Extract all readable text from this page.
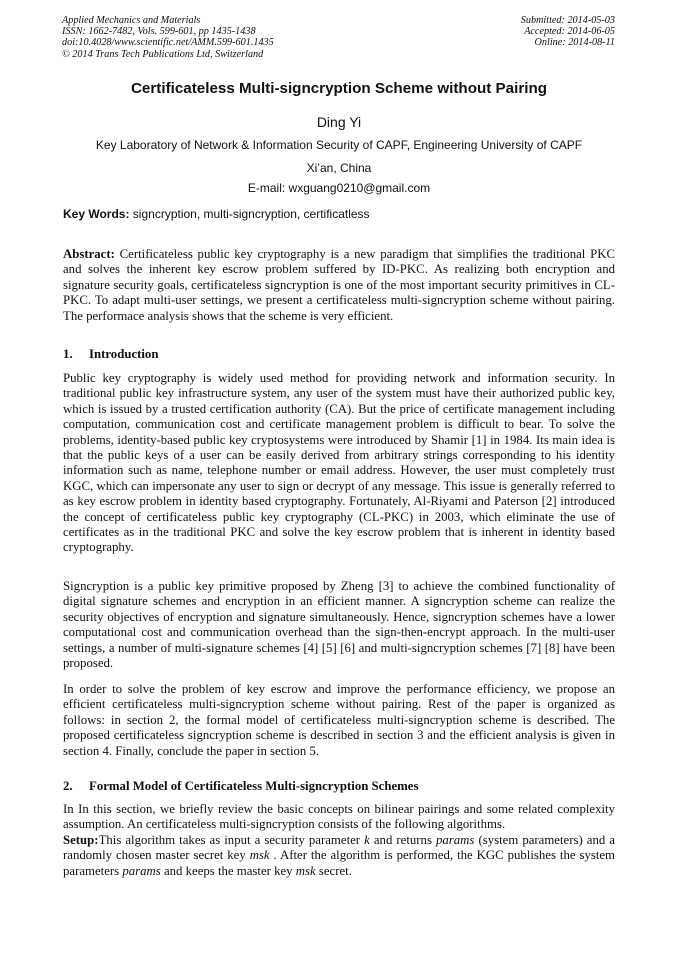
Applied Mechanics and Materials
ISSN: 1662-7482, Vols. 599-601, pp 1435-1438
doi:10.4028/www.scientific.net/AMM.599-601.1435
© 2014 Trans Tech Publications Ltd, Switzerland
Submitted: 2014-05-03
Accepted: 2014-06-05
Online: 2014-08-11
Certificateless Multi-signcryption Scheme without Pairing
Ding Yi
Key Laboratory of Network & Information Security of CAPF, Engineering University of CAPF
Xi’an, China
E-mail: wxguang0210@gmail.com
Key Words: signcryption, multi-signcryption, certificatless
Abstract: Certificateless public key cryptography is a new paradigm that simplifies the traditional PKC and solves the inherent key escrow problem suffered by ID-PKC. As realizing both encryption and signature security goals, certificateless signcryption is one of the most important security primitives in CL-PKC. To adapt multi-user settings, we present a certificateless multi-signcryption scheme without pairing. The performace analysis shows that the scheme is very efficient.
1. Introduction
Public key cryptography is widely used method for providing network and information security. In traditional public key infrastructure system, any user of the system must have their authorized public key, which is issued by a trusted certification authority (CA). But the price of certificate management including computation, communication cost and certificate management problem is difficult to bear. To solve the problems, identity-based public key cryptosystems were introduced by Shamir [1] in 1984. Its main idea is that the public keys of a user can be easily derived from arbitrary strings corresponding to his identity information such as name, telephone number or email address. However, the user must completely trust KGC, which can impersonate any user to sign or decrypt of any message. This issue is generally referred to as key escrow problem in identity based cryptography. Fortunately, Al-Riyami and Paterson [2] introduced the concept of certificateless public key cryptography (CL-PKC) in 2003, which eliminate the use of certificates as in the traditional PKC and solve the key escrow problem that is inherent in identity based cryptography.
Signcryption is a public key primitive proposed by Zheng [3] to achieve the combined functionality of digital signature schemes and encryption in an efficient manner. A signcryption scheme can realize the security objectives of encryption and signature simultaneously. Hence, signcryption schemes have a lower computational cost and communication overhead than the sign-then-encrypt approach. In the multi-user settings, a number of multi-signature schemes [4] [5] [6] and multi-signcryption schemes [7] [8] have been proposed.
In order to solve the problem of key escrow and improve the performance efficiency, we propose an efficient certificateless multi-signcryption scheme without pairing. Rest of the paper is organized as follows: in section 2, the formal model of certificateless multi-signcryption scheme is described. The proposed certificateless signcryption scheme is described in section 3 and the efficient analysis is given in section 4. Finally, conclude the paper in section 5.
2. Formal Model of Certificateless Multi-signcryption Schemes
In In this section, we briefly review the basic concepts on bilinear pairings and some related complexity assumption. An certificateless multi-signcryption consists of the following algorithms.
Setup:This algorithm takes as input a security parameter k and returns params (system parameters) and a randomly chosen master secret key msk . After the algorithm is performed, the KGC publishes the system parameters params and keeps the master key msk secret.
